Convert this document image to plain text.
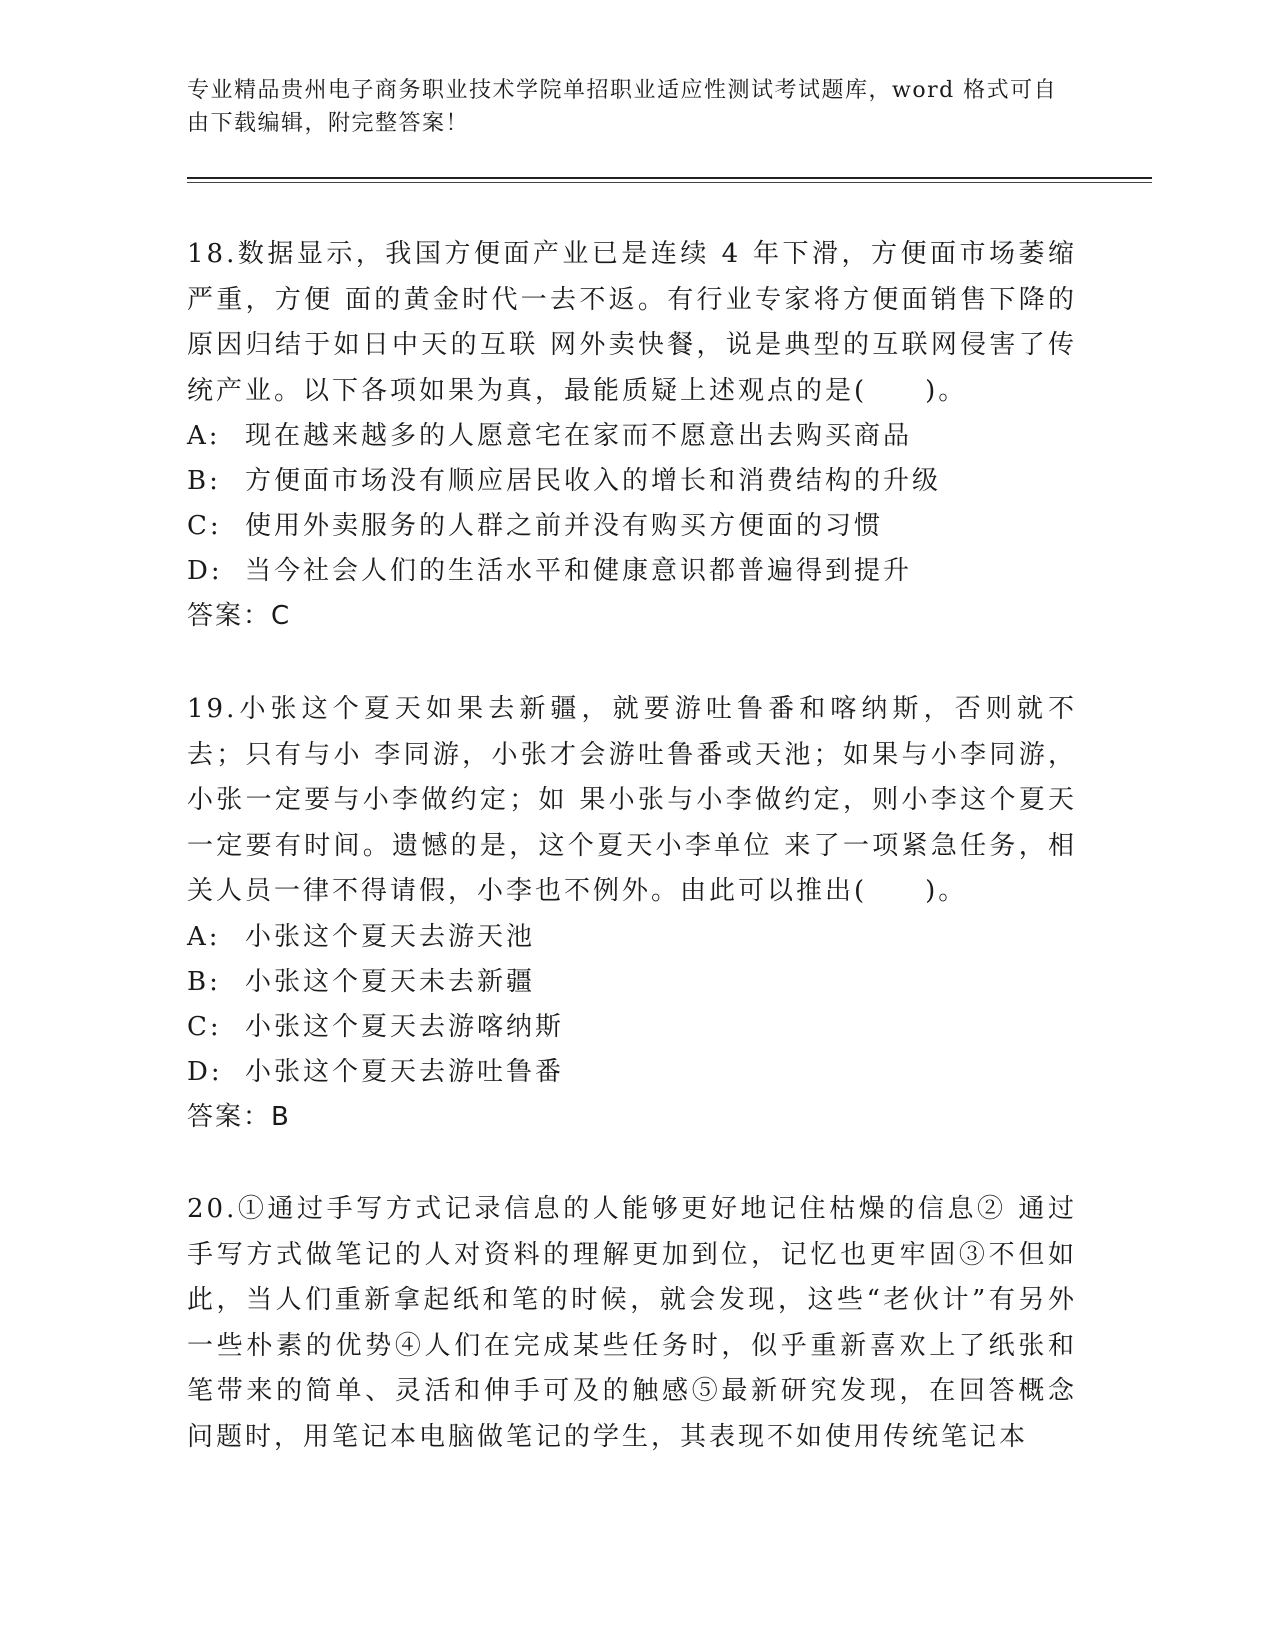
专业精品贵州电子商务职业技术学院单招职业适应性测试考试题库，word 格式可自由下载编辑，附完整答案！
18.数据显示，我国方便面产业已是连续 4 年下滑，方便面市场萎缩严重，方便 面的黄金时代一去不返。有行业专家将方便面销售下降的原因归结于如日中天的互联 网外卖快餐，说是典型的互联网侵害了传统产业。以下各项如果为真，最能质疑上述观点的是(　　)。
A: 现在越来越多的人愿意宅在家而不愿意出去购买商品
B: 方便面市场没有顺应居民收入的增长和消费结构的升级
C: 使用外卖服务的人群之前并没有购买方便面的习惯
D: 当今社会人们的生活水平和健康意识都普遍得到提升
答案：C
19.小张这个夏天如果去新疆，就要游吐鲁番和喀纳斯，否则就不去；只有与小 李同游，小张才会游吐鲁番或天池；如果与小李同游，小张一定要与小李做约定；如 果小张与小李做约定，则小李这个夏天一定要有时间。遗憾的是，这个夏天小李单位 来了一项紧急任务，相关人员一律不得请假，小李也不例外。由此可以推出(　　)。
A: 小张这个夏天去游天池
B: 小张这个夏天未去新疆
C: 小张这个夏天去游喀纳斯
D: 小张这个夏天去游吐鲁番
答案：B
20.①通过手写方式记录信息的人能够更好地记住枯燥的信息② 通过手写方式做笔记的人对资料的理解更加到位，记忆也更牢固③不但如此，当人们重新拿起纸和笔的时候，就会发现，这些“老伙计”有另外一些朴素的优势④人们在完成某些任务时，似乎重新喜欢上了纸张和笔带来的简单、灵活和伸手可及的触感⑤最新研究发现，在回答概念问题时，用笔记本电脑做笔记的学生，其表现不如使用传统笔记本
